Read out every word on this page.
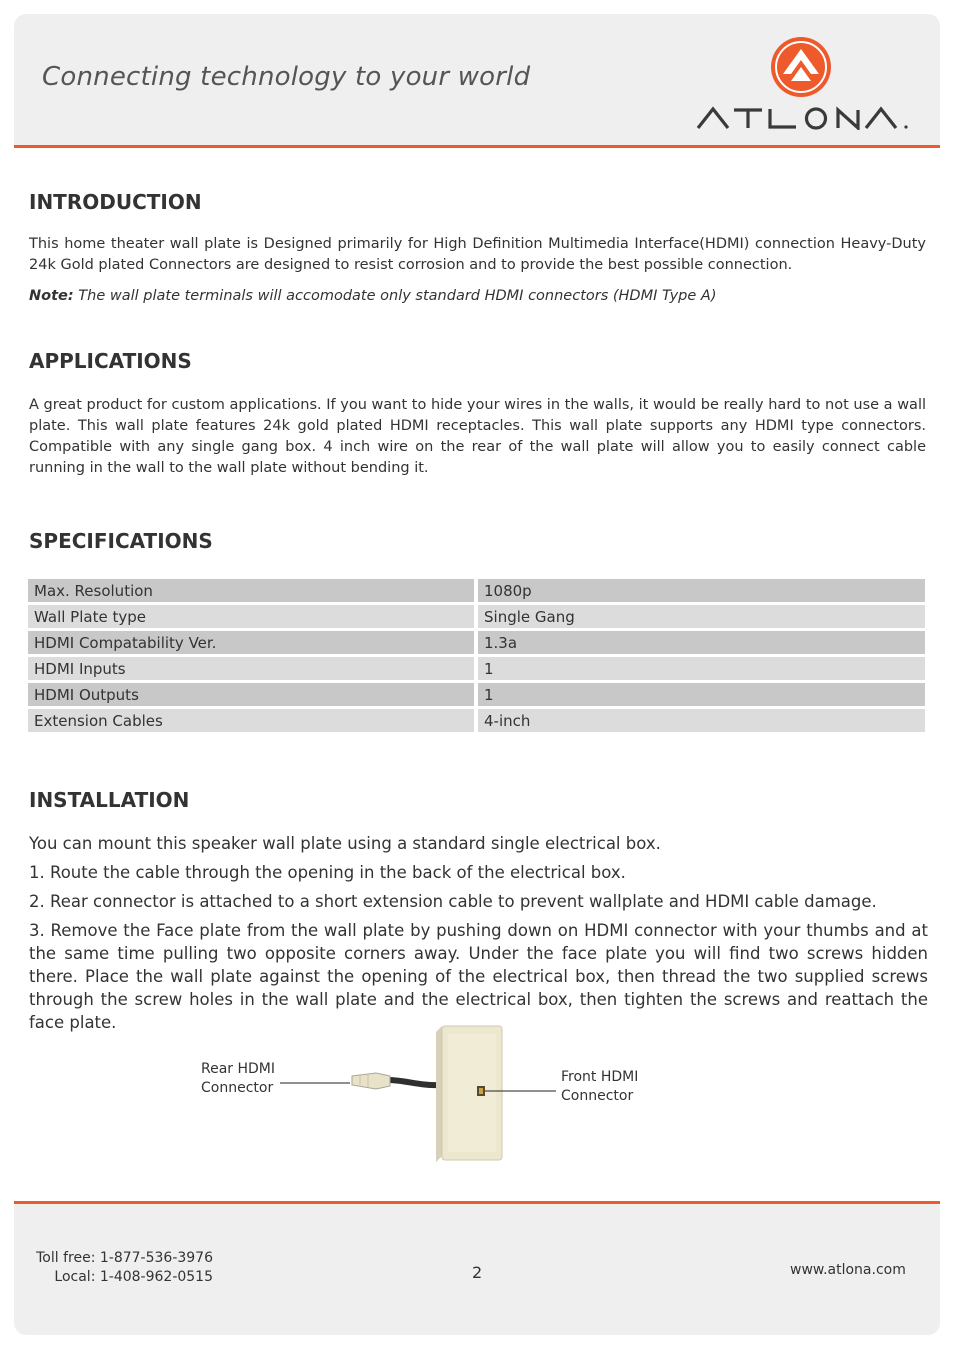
Connecting technology to your world
INTRODUCTION

This home theater wall plate is Designed primarily for High Definition Multimedia Interface(HDMI) connection Heavy-Duty 24k Gold plated Connectors are designed to resist corrosion and to provide the best possible connection.

Note: The wall plate terminals will accomodate only standard HDMI connectors (HDMI Type A)

APPLICATIONS

A great product for custom applications. If you want to hide your wires in the walls, it would be really hard to not use a wall plate. This wall plate features 24k gold plated HDMI receptacles. This wall plate supports any HDMI type connectors. Compatible with any single gang box. 4 inch wire on the rear of the wall plate will allow you to easily connect cable running in the wall to the wall plate without bending it.

SPECIFICATIONS
Max. Resolution	1080p
Wall Plate type	Single Gang
HDMI Compatability Ver.	1.3a
HDMI Inputs	1
HDMI Outputs	1
Extension Cables	4-inch
INSTALLATION
You can mount this speaker wall plate using a standard single electrical box.
1. Route the cable through the opening in the back of the electrical box.
2. Rear connector is attached to a short extension cable to prevent wallplate and HDMI cable damage.
3. Remove the Face plate from the wall plate by pushing down on HDMI connector with your thumbs and at the same time pulling two opposite corners away. Under the face plate you will find two screws hidden there. Place the wall plate against the opening of the electrical box, then thread the two supplied screws through the screw holes in the wall plate and the electrical box, then tighten the screws and reattach the face plate.
Rear HDMI
Connector
Front HDMI
Connector
Toll free: 1-877-536-3976
Local: 1-408-962-0515	2	www.atlona.com
